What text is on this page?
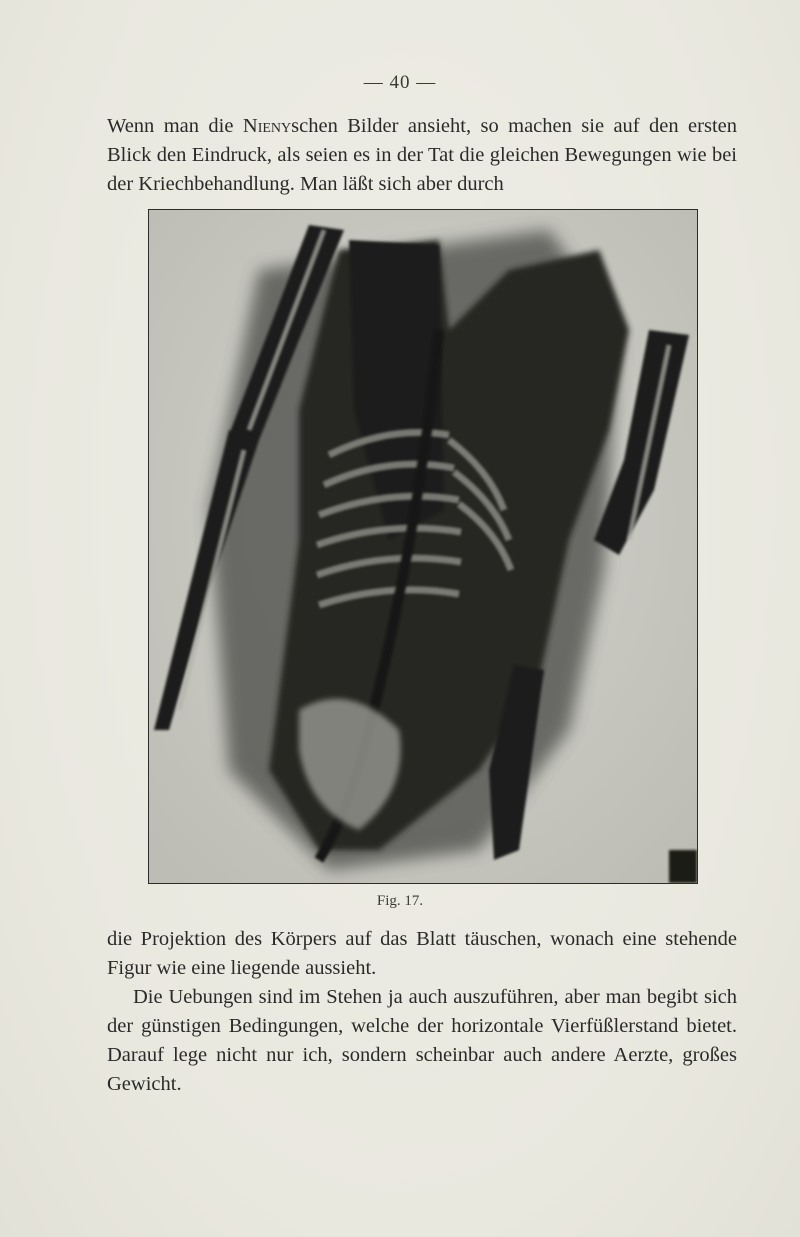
— 40 —

Wenn man die Nienyschen Bilder ansieht, so machen sie auf den ersten Blick den Eindruck, als seien es in der Tat die gleichen Bewegungen wie bei der Kriechbehandlung. Man läßt sich aber durch

Fig. 17.

die Projektion des Körpers auf das Blatt täuschen, wonach eine stehende Figur wie eine liegende aussieht.

Die Uebungen sind im Stehen ja auch auszuführen, aber man begibt sich der günstigen Bedingungen, welche der horizontale Vierfüßlerstand bietet. Darauf lege nicht nur ich, sondern scheinbar auch andere Aerzte, großes Gewicht.
